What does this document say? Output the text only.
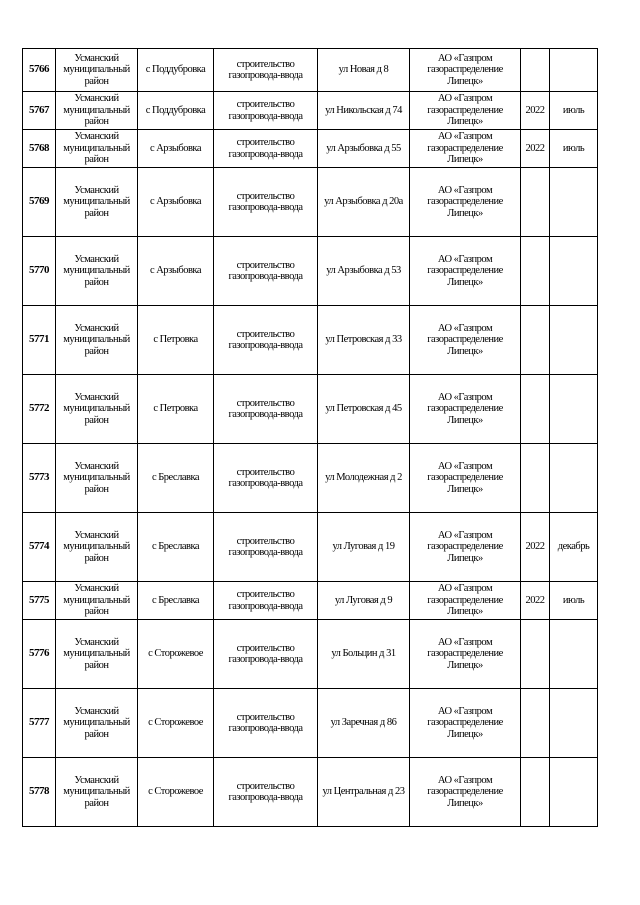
5766	Усманский муниципальный район	с Поддубровка	строительство газопровода-ввода	ул Новая д 8	АО «Газпром газораспределение Липецк»		
5767	Усманский муниципальный район	с Поддубровка	строительство газопровода-ввода	ул Никольская д 74	АО «Газпром газораспределение Липецк»	2022	июль
5768	Усманский муниципальный район	с Арзыбовка	строительство газопровода-ввода	ул Арзыбовка д 55	АО «Газпром газораспределение Липецк»	2022	июль
5769	Усманский муниципальный район	с Арзыбовка	строительство газопровода-ввода	ул Арзыбовка д 20а	АО «Газпром газораспределение Липецк»		
5770	Усманский муниципальный район	с Арзыбовка	строительство газопровода-ввода	ул Арзыбовка д 53	АО «Газпром газораспределение Липецк»		
5771	Усманский муниципальный район	с Петровка	строительство газопровода-ввода	ул Петровская д 33	АО «Газпром газораспределение Липецк»		
5772	Усманский муниципальный район	с Петровка	строительство газопровода-ввода	ул Петровская д 45	АО «Газпром газораспределение Липецк»		
5773	Усманский муниципальный район	с Бреславка	строительство газопровода-ввода	ул Молодежная д 2	АО «Газпром газораспределение Липецк»		
5774	Усманский муниципальный район	с Бреславка	строительство газопровода-ввода	ул Луговая д 19	АО «Газпром газораспределение Липецк»	2022	декабрь
5775	Усманский муниципальный район	с Бреславка	строительство газопровода-ввода	ул Луговая д 9	АО «Газпром газораспределение Липецк»	2022	июль
5776	Усманский муниципальный район	с Сторожевое	строительство газопровода-ввода	ул Больцин д 31	АО «Газпром газораспределение Липецк»		
5777	Усманский муниципальный район	с Сторожевое	строительство газопровода-ввода	ул Заречная д 86	АО «Газпром газораспределение Липецк»		
5778	Усманский муниципальный район	с Сторожевое	строительство газопровода-ввода	ул Центральная д 23	АО «Газпром газораспределение Липецк»		
